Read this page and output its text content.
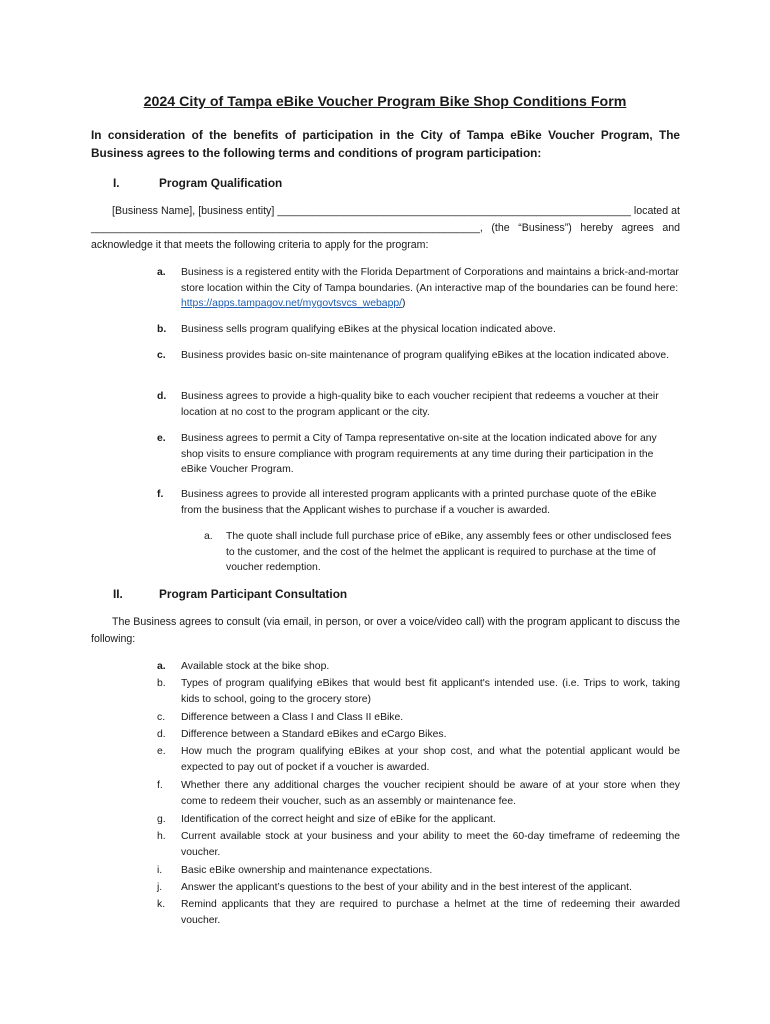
2024 City of Tampa eBike Voucher Program Bike Shop Conditions Form
In consideration of the benefits of participation in the City of Tampa eBike Voucher Program, The Business agrees to the following terms and conditions of program participation:
I.	Program Qualification
[Business Name], [business entity] ____________________________________________________________ located at __________________________________________________________________, (the “Business”) hereby agrees and acknowledge it that meets the following criteria to apply for the program:
a. Business is a registered entity with the Florida Department of Corporations and maintains a brick-and-mortar store location within the City of Tampa boundaries. (An interactive map of the boundaries can be found here: https://apps.tampagov.net/mygovtsvcs_webapp/)
b. Business sells program qualifying eBikes at the physical location indicated above.
c. Business provides basic on-site maintenance of program qualifying eBikes at the location indicated above.
d. Business agrees to provide a high-quality bike to each voucher recipient that redeems a voucher at their location at no cost to the program applicant or the city.
e. Business agrees to permit a City of Tampa representative on-site at the location indicated above for any shop visits to ensure compliance with program requirements at any time during their participation in the eBike Voucher Program.
f. Business agrees to provide all interested program applicants with a printed purchase quote of the eBike from the business that the Applicant wishes to purchase if a voucher is awarded.
a. The quote shall include full purchase price of eBike, any assembly fees or other undisclosed fees to the customer, and the cost of the helmet the applicant is required to purchase at the time of voucher redemption.
II.	Program Participant Consultation
The Business agrees to consult (via email, in person, or over a voice/video call) with the program applicant to discuss the following:
a. Available stock at the bike shop.
b. Types of program qualifying eBikes that would best fit applicant's intended use. (i.e. Trips to work, taking kids to school, going to the grocery store)
c. Difference between a Class I and Class II eBike.
d. Difference between a Standard eBikes and eCargo Bikes.
e. How much the program qualifying eBikes at your shop cost, and what the potential applicant would be expected to pay out of pocket if a voucher is awarded.
f. Whether there any additional charges the voucher recipient should be aware of at your store when they come to redeem their voucher, such as an assembly or maintenance fee.
g. Identification of the correct height and size of eBike for the applicant.
h. Current available stock at your business and your ability to meet the 60-day timeframe of redeeming the voucher.
i. Basic eBike ownership and maintenance expectations.
j. Answer the applicant’s questions to the best of your ability and in the best interest of the applicant.
k. Remind applicants that they are required to purchase a helmet at the time of redeeming their awarded voucher.
